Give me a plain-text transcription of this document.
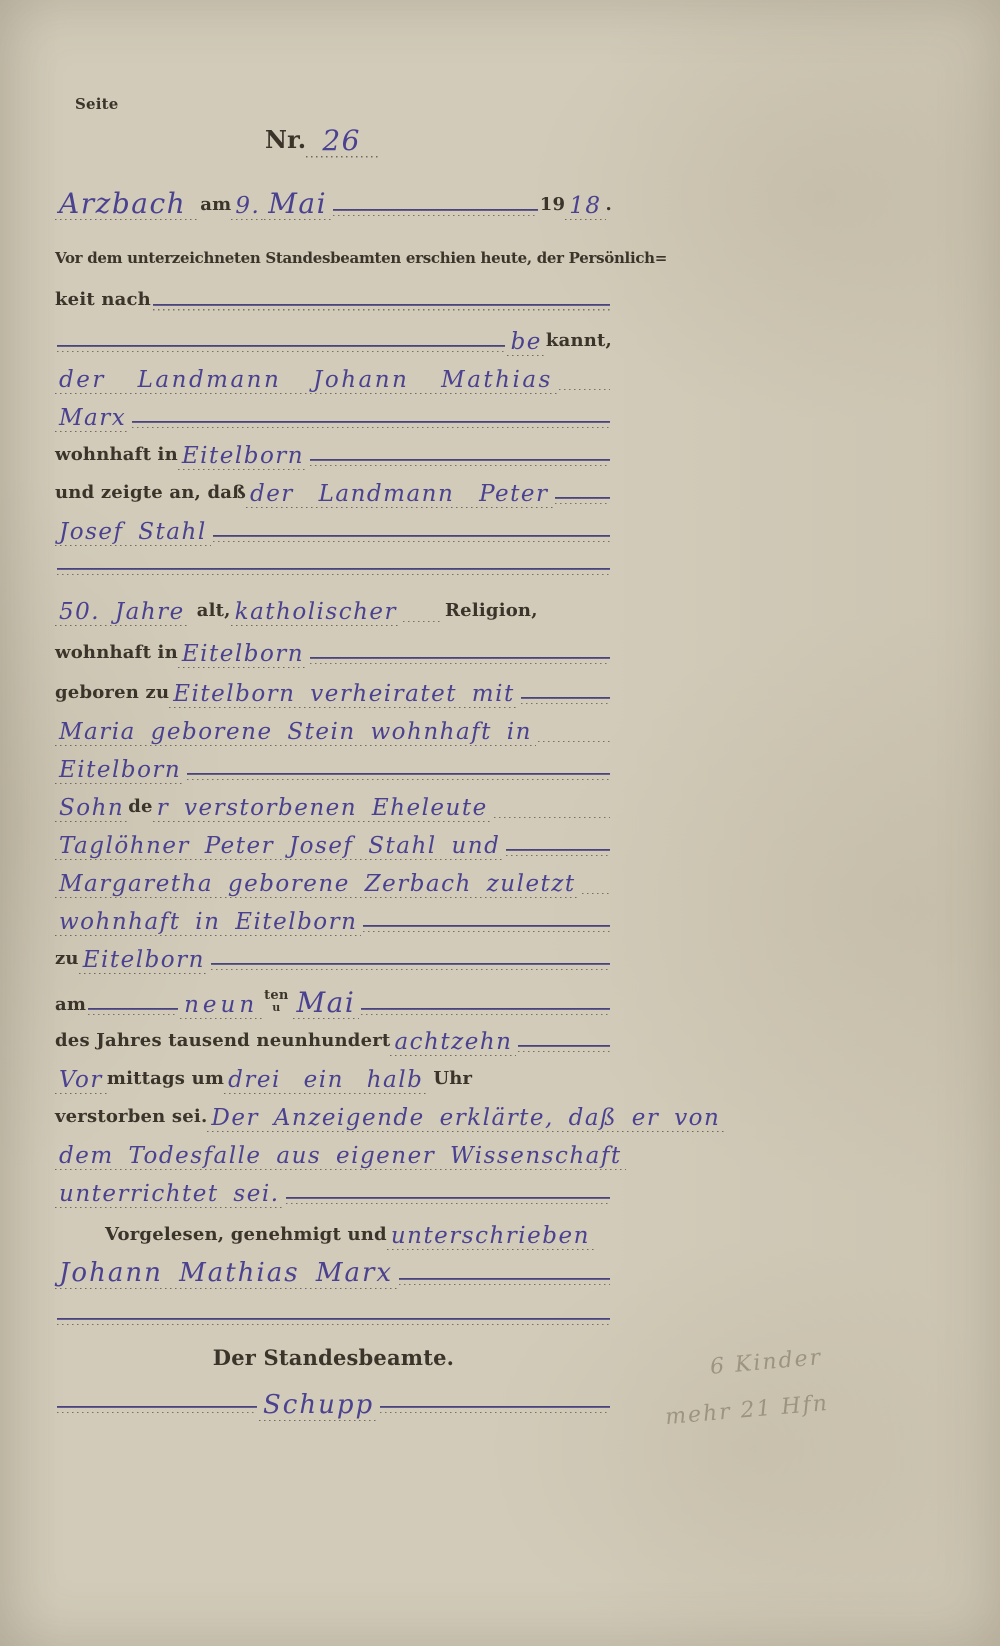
Seite
Nr. 26
Arzbach am 9. Mai	19 18 .
Vor dem unterzeichneten Standesbeamten erschien heute, der Persönlich=
keit nach
be kannt,
der Landmann Johann Mathias
Marx
wohnhaft in Eitelborn
und zeigte an, daß der Landmann Peter
Josef Stahl
50. Jahre alt, katholischer	Religion,
wohnhaft in Eitelborn
geboren zu Eitelborn verheiratet mit
Maria geborene Stein wohnhaft in
Eitelborn
Sohn de r verstorbenen Eheleute
Taglöhner Peter Josef Stahl und
Margaretha geborene Zerbach zuletzt
wohnhaft in Eitelborn
zu Eitelborn
am	neun ten
u Mai
des Jahres tausend neunhundert achtzehn
Vor mittags um drei ein halb Uhr
verstorben sei. Der Anzeigende erklärte, daß er von
dem Todesfalle aus eigener Wissenschaft
unterrichtet sei.
Vorgelesen, genehmigt und unterschrieben
Johann Mathias Marx
Der Standesbeamte.
Schupp
6 Kinder
mehr 21 Hfn
